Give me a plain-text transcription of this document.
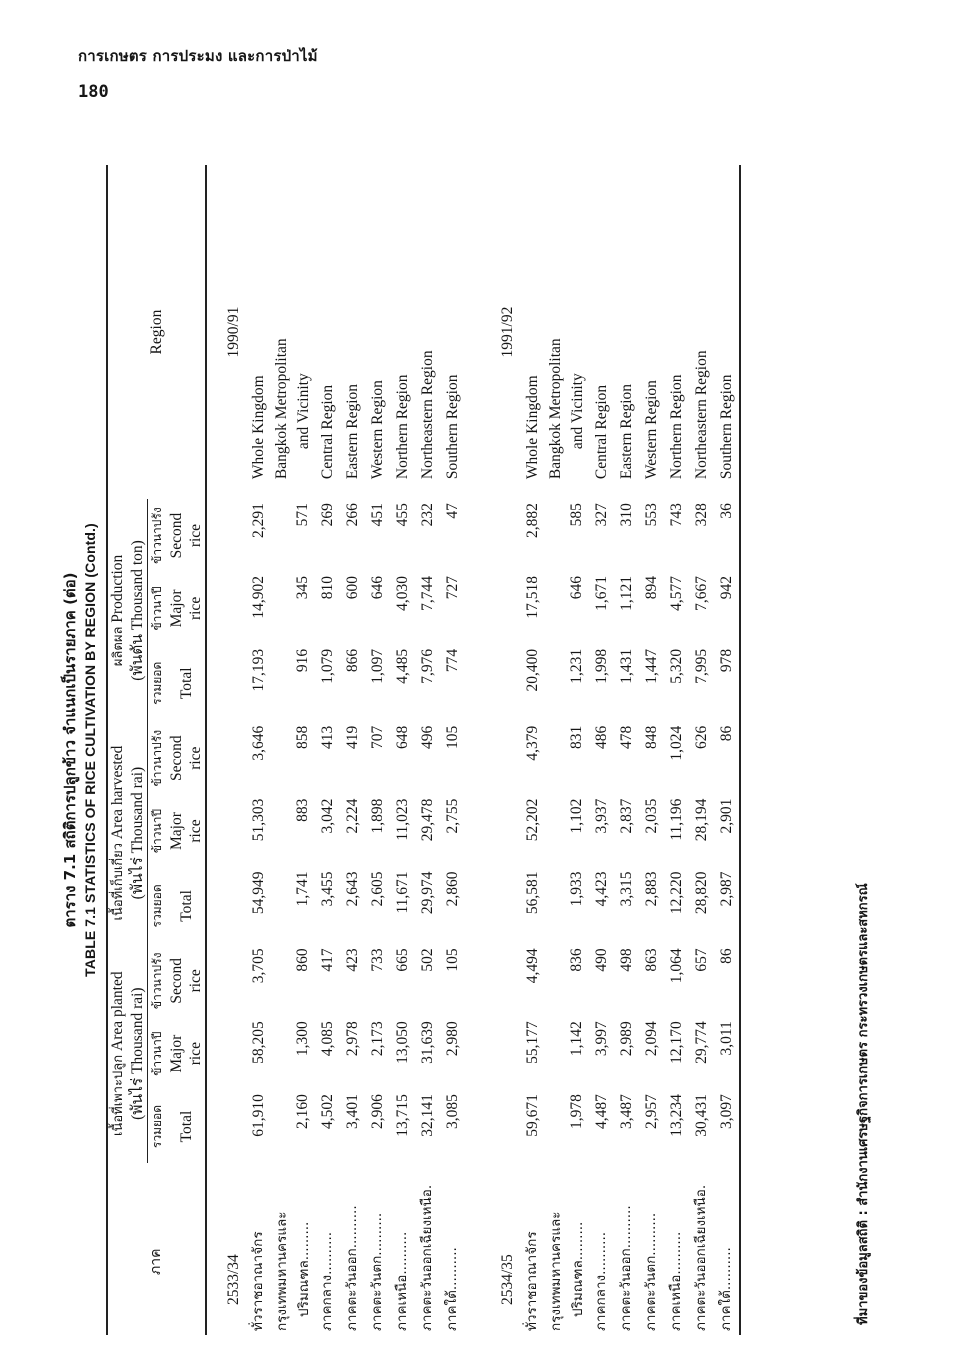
การเกษตร การประมง และการป่าไม้
180
ตาราง 7.1 สถิติการปลูกข้าว จำแนกเป็นรายภาค (ต่อ) TABLE 7.1 STATISTICS OF RICE CULTIVATION BY REGION (Contd.)
ภาค	เนื้อที่เพาะปลูก Area planted (พันไร่ Thousand rai)			เนื้อที่เก็บเกี่ยว Area harvested (พันไร่ Thousand rai)			ผลิตผล Production (พันตัน Thousand ton)			Region
	รวมยอด	ข้าวนาปี	ข้าวนาปรัง	รวมยอด	ข้าวนาปี	ข้าวนาปรัง	รวมยอด	ข้าวนาปี	ข้าวนาปรัง	
	Total	Major rice	Second rice	Total	Major rice	Second rice	Total	Major rice	Second rice	

2533/34										1990/91
ทั่วราชอาณาจักร	61,910	58,205	3,705	54,949	51,303	3,646	17,193	14,902	2,291	Whole Kingdom
กรุงเทพมหานครและ ปริมณฑล.........	2,160	1,300	860	1,741	883	858	916	345	571	Bangkok Metropolitan and Vicinity
ภาคกลาง..........	4,502	4,085	417	3,455	3,042	413	1,079	810	269	Central Region
ภาคตะวันออก..........	3,401	2,978	423	2,643	2,224	419	866	600	266	Eastern Region
ภาคตะวันตก..........	2,906	2,173	733	2,605	1,898	707	1,097	646	451	Western Region
ภาคเหนือ..........	13,715	13,050	665	11,671	11,023	648	4,485	4,030	455	Northern Region
ภาคตะวันออกเฉียงเหนือ.	32,141	31,639	502	29,974	29,478	496	7,976	7,744	232	Northeastern Region
ภาคใต้..........	3,085	2,980	105	2,860	2,755	105	774	727	47	Southern Region

2534/35										1991/92
ทั่วราชอาณาจักร	59,671	55,177	4,494	56,581	52,202	4,379	20,400	17,518	2,882	Whole Kingdom
กรุงเทพมหานครและ ปริมณฑล.........	1,978	1,142	836	1,933	1,102	831	1,231	646	585	Bangkok Metropolitan and Vicinity
ภาคกลาง..........	4,487	3,997	490	4,423	3,937	486	1,998	1,671	327	Central Region
ภาคตะวันออก..........	3,487	2,989	498	3,315	2,837	478	1,431	1,121	310	Eastern Region
ภาคตะวันตก..........	2,957	2,094	863	2,883	2,035	848	1,447	894	553	Western Region
ภาคเหนือ..........	13,234	12,170	1,064	12,220	11,196	1,024	5,320	4,577	743	Northern Region
ภาคตะวันออกเฉียงเหนือ.	30,431	29,774	657	28,820	28,194	626	7,995	7,667	328	Northeastern Region
ภาคใต้..........	3,097	3,011	86	2,987	2,901	86	978	942	36	Southern Region
ที่มาของข้อมูลสถิติ : สำนักงานเศรษฐกิจการเกษตร กระทรวงเกษตรและสหกรณ์
